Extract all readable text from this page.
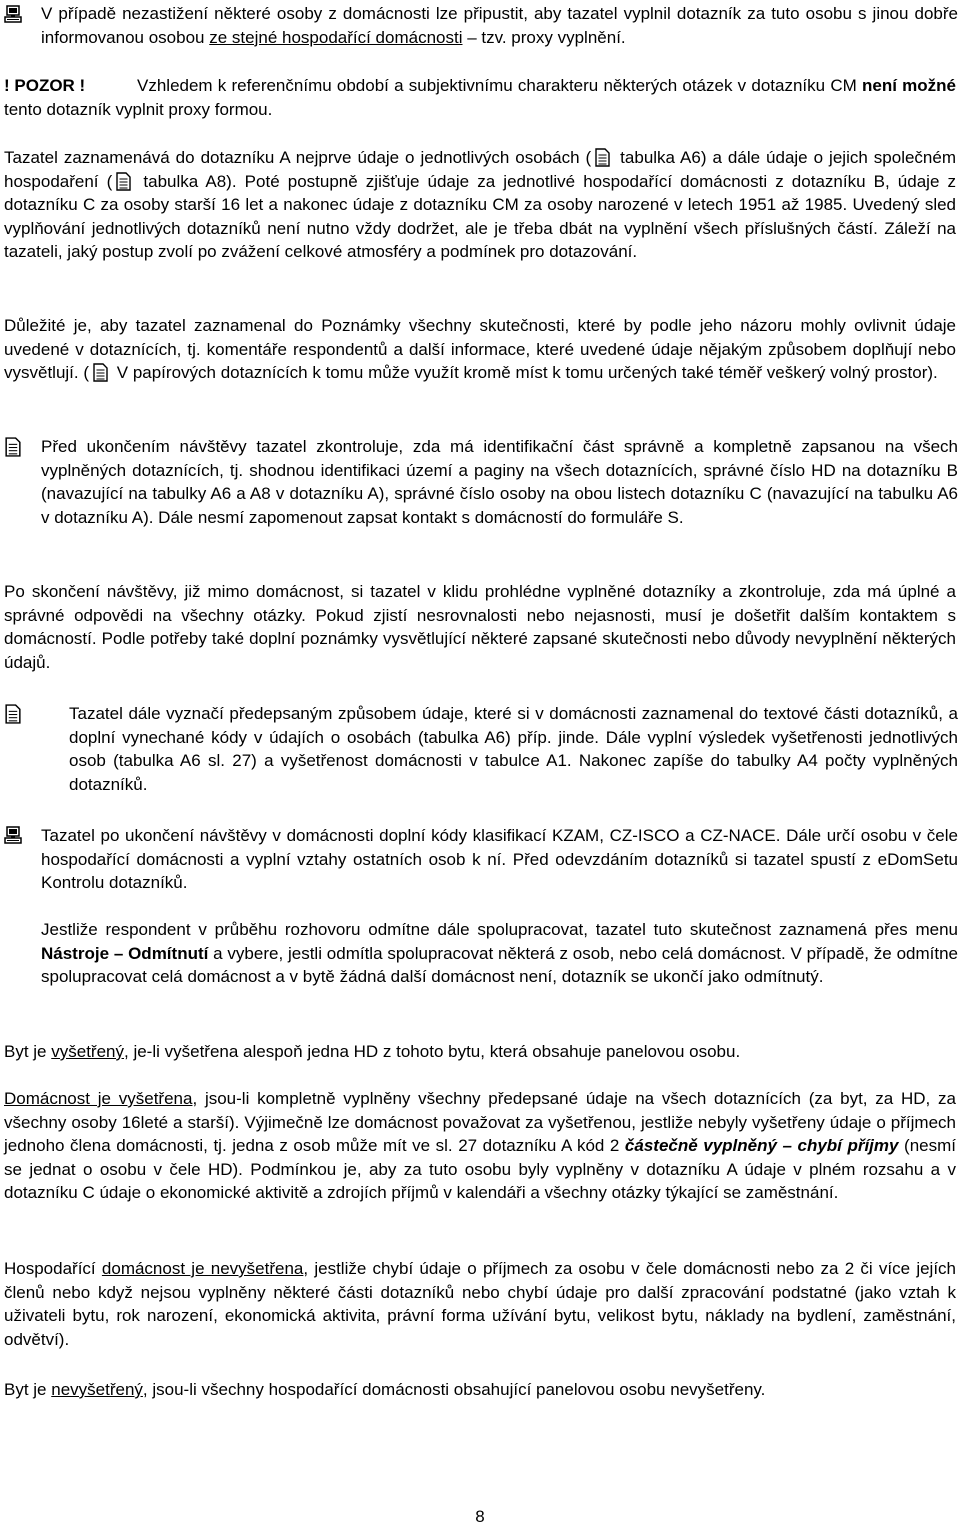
V případě nezastižení některé osoby z domácnosti lze připustit, aby tazatel vyplnil dotazník za tuto osobu s jinou dobře informovanou osobou ze stejné hospodařící domácnosti – tzv. proxy vyplnění.

! POZOR !	Vzhledem k referenčnímu období a subjektivnímu charakteru některých otázek v dotazníku CM není možné tento dotazník vyplnit proxy formou.

Tazatel zaznamenává do dotazníku A nejprve údaje o jednotlivých osobách ( tabulka A6) a dále údaje o jejich společném hospodaření ( tabulka A8). Poté postupně zjišťuje údaje za jednotlivé hospodařící domácnosti z dotazníku B, údaje z dotazníku C za osoby starší 16 let a nakonec údaje z dotazníku CM za osoby narozené v letech 1951 až 1985. Uvedený sled vyplňování jednotlivých dotazníků není nutno vždy dodržet, ale je třeba dbát na vyplnění všech příslušných částí. Záleží na tazateli, jaký postup zvolí po zvážení celkové atmosféry a podmínek pro dotazování.

Důležité je, aby tazatel zaznamenal do Poznámky všechny skutečnosti, které by podle jeho názoru mohly ovlivnit údaje uvedené v dotaznících, tj. komentáře respondentů a další informace, které uvedené údaje nějakým způsobem doplňují nebo vysvětlují. ( V papírových dotaznících k tomu může využít kromě míst k tomu určených také téměř veškerý volný prostor).

Před ukončením návštěvy tazatel zkontroluje, zda má identifikační část správně a kompletně zapsanou na všech vyplněných dotaznících, tj. shodnou identifikaci území a paginy na všech dotaznících, správné číslo HD na dotazníku B (navazující na tabulky A6 a A8 v dotazníku A), správné číslo osoby na obou listech dotazníku C (navazující na tabulku A6 v dotazníku A). Dále nesmí zapomenout zapsat kontakt s domácností do formuláře S.

Po skončení návštěvy, již mimo domácnost, si tazatel v klidu prohlédne vyplněné dotazníky a zkontroluje, zda má úplné a správné odpovědi na všechny otázky. Pokud zjistí nesrovnalosti nebo nejasnosti, musí je došetřit dalším kontaktem s domácností. Podle potřeby také doplní poznámky vysvětlující některé zapsané skutečnosti nebo důvody nevyplnění některých údajů.

Tazatel dále vyznačí předepsaným způsobem údaje, které si v domácnosti zaznamenal do textové části dotazníků, a doplní vynechané kódy v údajích o osobách (tabulka A6) příp. jinde. Dále vyplní výsledek vyšetřenosti jednotlivých osob (tabulka A6 sl. 27) a vyšetřenost domácnosti v tabulce A1. Nakonec zapíše do tabulky A4 počty vyplněných dotazníků.

Tazatel po ukončení návštěvy v domácnosti doplní kódy klasifikací KZAM, CZ-ISCO a CZ-NACE. Dále určí osobu v čele hospodařící domácnosti a vyplní vztahy ostatních osob k ní. Před odevzdáním dotazníků si tazatel spustí z eDomSetu Kontrolu dotazníků.

Jestliže respondent v průběhu rozhovoru odmítne dále spolupracovat, tazatel tuto skutečnost zaznamená přes menu Nástroje – Odmítnutí a vybere, jestli odmítla spolupracovat některá z osob, nebo celá domácnost. V případě, že odmítne spolupracovat celá domácnost a v bytě žádná další domácnost není, dotazník se ukončí jako odmítnutý.

Byt je vyšetřený, je-li vyšetřena alespoň jedna HD z tohoto bytu, která obsahuje panelovou osobu.

Domácnost je vyšetřena, jsou-li kompletně vyplněny všechny předepsané údaje na všech dotaznících (za byt, za HD, za všechny osoby 16leté a starší). Výjimečně lze domácnost považovat za vyšetřenou, jestliže nebyly vyšetřeny údaje o příjmech jednoho člena domácnosti, tj. jedna z osob může mít ve sl. 27 dotazníku A kód 2 částečně vyplněný – chybí příjmy (nesmí se jednat o osobu v čele HD). Podmínkou je, aby za tuto osobu byly vyplněny v dotazníku A údaje v plném rozsahu a v dotazníku C údaje o ekonomické aktivitě a zdrojích příjmů v kalendáři a všechny otázky týkající se zaměstnání.

Hospodařící domácnost je nevyšetřena, jestliže chybí údaje o příjmech za osobu v čele domácnosti nebo za 2 či více jejích členů nebo když nejsou vyplněny některé části dotazníků nebo chybí údaje pro další zpracování podstatné (jako vztah k uživateli bytu, rok narození, ekonomická aktivita, právní forma užívání bytu, velikost bytu, náklady na bydlení, zaměstnání, odvětví).

Byt je nevyšetřený, jsou-li všechny hospodařící domácnosti obsahující panelovou osobu nevyšetřeny.

8
